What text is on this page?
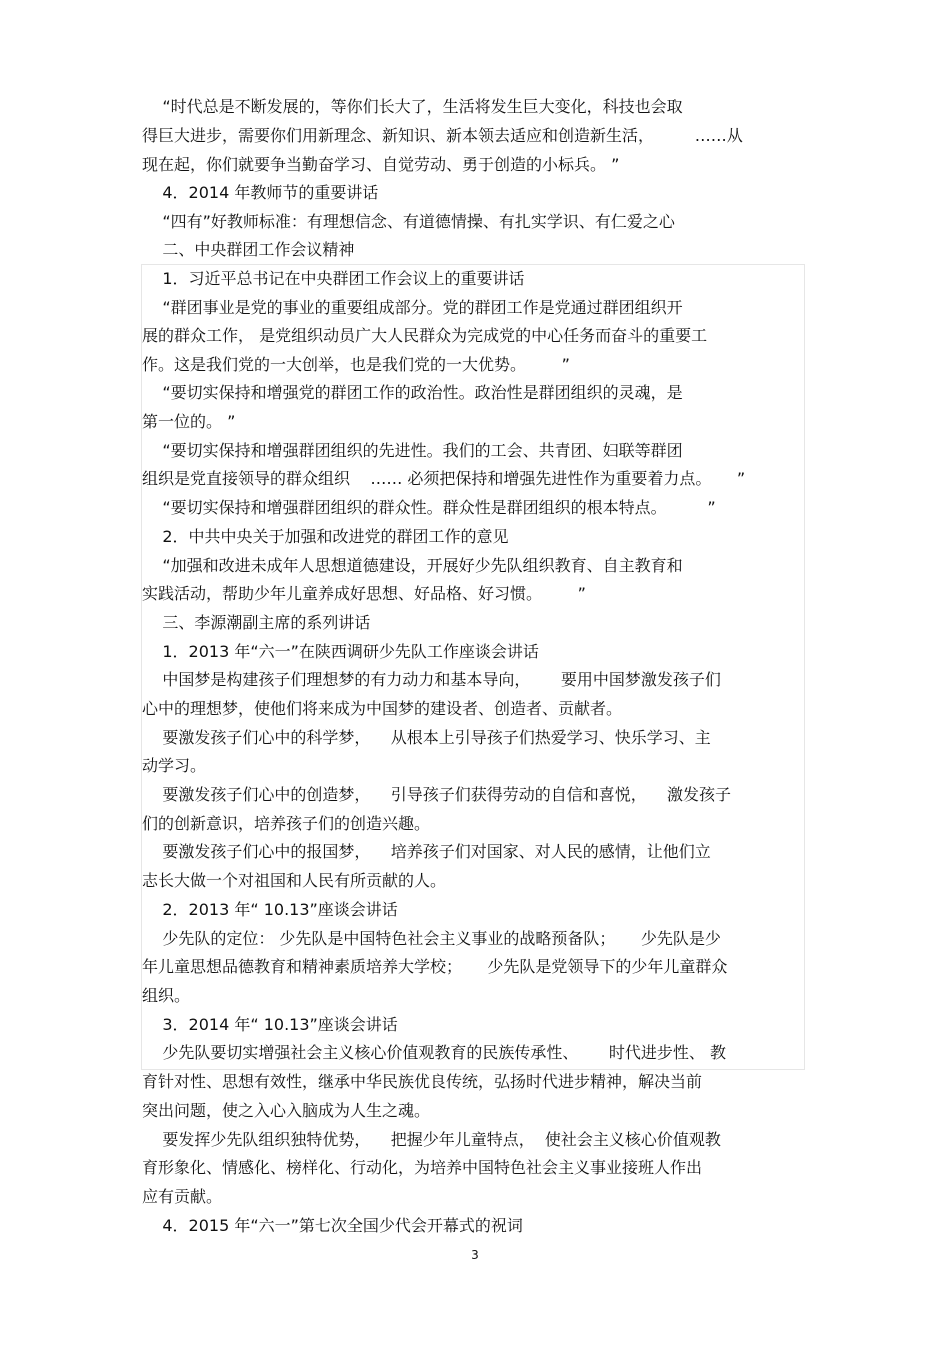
“时代总是不断发展的，等你们长大了，生活将发生巨大变化，科技也会取
得巨大进步，需要你们用新理念、新知识、新本领去适应和创造新生活，        ……从
现在起，你们就要争当勤奋学习、自觉劳动、勇于创造的小标兵。 ”
4．2014 年教师节的重要讲话
“四有”好教师标准：有理想信念、有道德情操、有扎实学识、有仁爱之心
二、中央群团工作会议精神
1．习近平总书记在中央群团工作会议上的重要讲话
“群团事业是党的事业的重要组成部分。党的群团工作是党通过群团组织开
展的群众工作， 是党组织动员广大人民群众为完成党的中心任务而奋斗的重要工
作。这是我们党的一大创举，也是我们党的一大优势。       ”
“要切实保持和增强党的群团工作的政治性。政治性是群团组织的灵魂，是
第一位的。 ”
“要切实保持和增强群团组织的先进性。我们的工会、共青团、妇联等群团
组织是党直接领导的群众组织    …… 必须把保持和增强先进性作为重要着力点。     ”
“要切实保持和增强群团组织的群众性。群众性是群团组织的根本特点。        ”
2．中共中央关于加强和改进党的群团工作的意见
“加强和改进未成年人思想道德建设，开展好少先队组织教育、自主教育和
实践活动，帮助少年儿童养成好思想、好品格、好习惯。       ”
三、李源潮副主席的系列讲话
1．2013 年“六一”在陕西调研少先队工作座谈会讲话
中国梦是构建孩子们理想梦的有力动力和基本导向，      要用中国梦激发孩子们
心中的理想梦，使他们将来成为中国梦的建设者、创造者、贡献者。
要激发孩子们心中的科学梦，    从根本上引导孩子们热爱学习、快乐学习、主
动学习。
要激发孩子们心中的创造梦，    引导孩子们获得劳动的自信和喜悦，    激发孩子
们的创新意识，培养孩子们的创造兴趣。
要激发孩子们心中的报国梦，    培养孩子们对国家、对人民的感情，让他们立
志长大做一个对祖国和人民有所贡献的人。
2．2013 年“ 10.13”座谈会讲话
少先队的定位： 少先队是中国特色社会主义事业的战略预备队；     少先队是少
年儿童思想品德教育和精神素质培养大学校；     少先队是党领导下的少年儿童群众
组织。
3．2014 年“ 10.13”座谈会讲话
少先队要切实增强社会主义核心价值观教育的民族传承性、      时代进步性、 教
育针对性、思想有效性，继承中华民族优良传统，弘扬时代进步精神，解决当前
突出问题，使之入心入脑成为人生之魂。
要发挥少先队组织独特优势，    把握少年儿童特点，  使社会主义核心价值观教
育形象化、情感化、榜样化、行动化，为培养中国特色社会主义事业接班人作出
应有贡献。
4．2015 年“六一”第七次全国少代会开幕式的祝词
3
